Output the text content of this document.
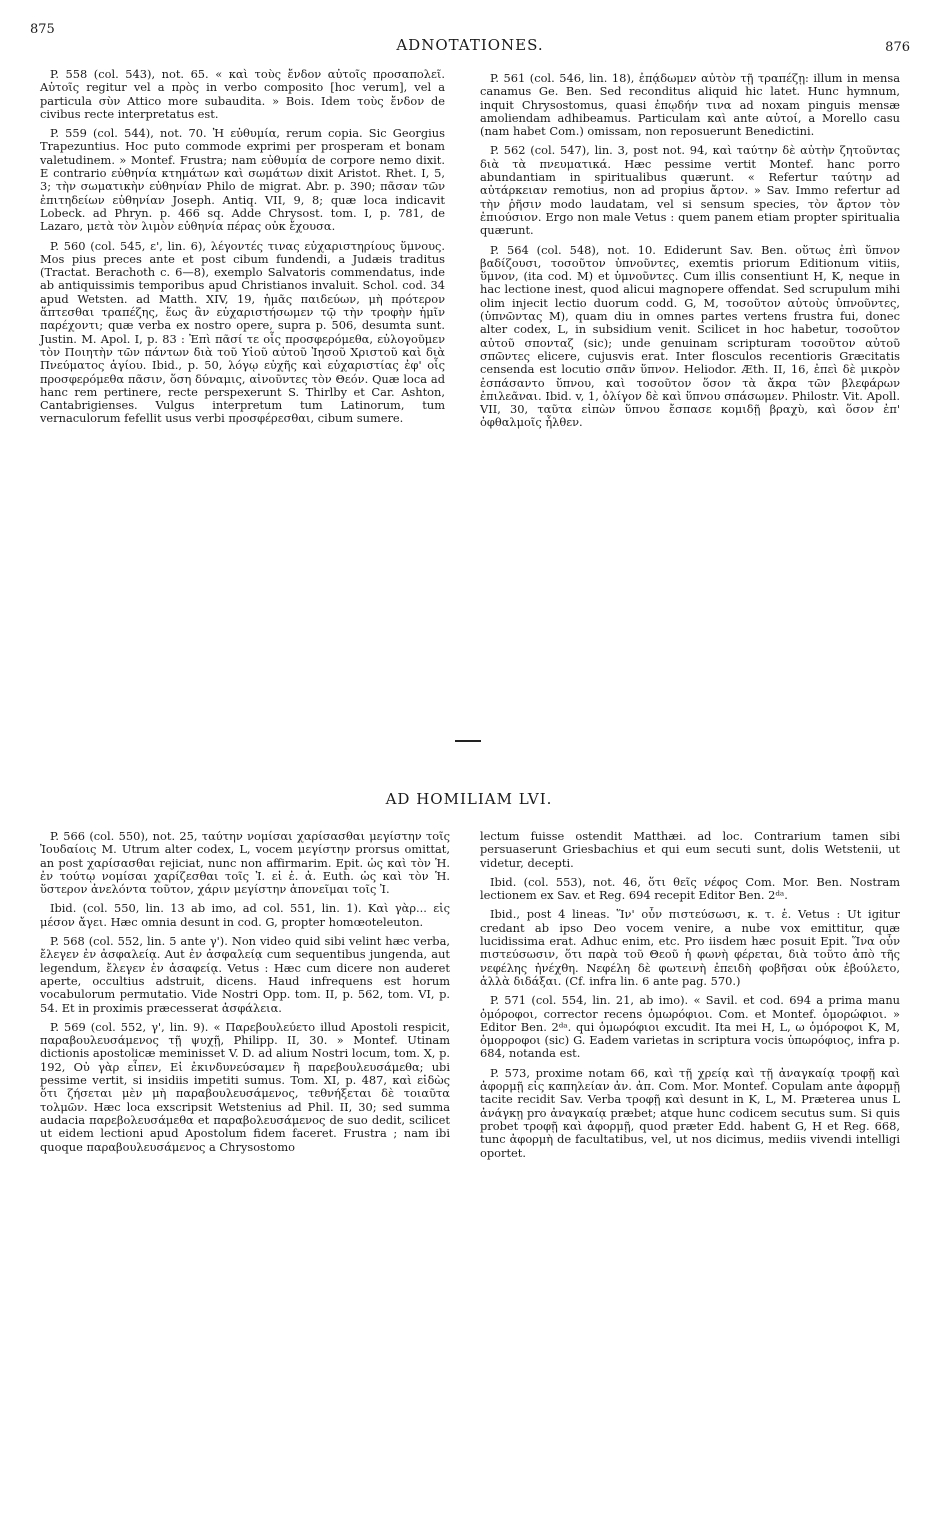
875
ADNOTATIONES.	876

P. 558 (col. 543), not. 65. « καὶ τοὺς ἔνδον αὐτοῖς προσαπολεῖ. Αὐτοῖς regitur vel a πρὸς in verbo composito [hoc verum], vel a particula σὺν Attico more subaudita. » Bois. Idem τοὺς ἔνδον de civibus recte interpretatus est.

P. 559 (col. 544), not. 70. Ἡ εὐθυμία, rerum copia. Sic Georgius Trapezuntius. Hoc puto commode exprimi per prosperam et bonam valetudinem. » Montef. Frustra; nam εὐθυμία de corpore nemo dixit. E contrario εὐθηνία κτημάτων καὶ σωμάτων dixit Aristot. Rhet. I, 5, 3; τὴν σωματικὴν εὐθηνίαν Philo de migrat. Abr. p. 390; πᾶσαν τῶν ἐπιτηδείων εὐθηνίαν Joseph. Antiq. VII, 9, 8; quæ loca indicavit Lobeck. ad Phryn. p. 466 sq. Adde Chrysost. tom. I, p. 781, de Lazaro, μετὰ τὸν λιμὸν εὐθηνία πέρας οὐκ ἔχουσα.

P. 560 (col. 545, ε', lin. 6), λέγοντές τινας εὐχαριστηρίους ὕμνους. Mos pius preces ante et post cibum fundendi, a Judæis traditus (Tractat. Berachoth c. 6—8), exemplo Salvatoris commendatus, inde ab antiquissimis temporibus apud Christianos invaluit. Schol. cod. 34 apud Wetsten. ad Matth. XIV, 19, ἡμᾶς παιδεύων, μὴ πρότερον ἅπτεσθαι τραπέζης, ἕως ἂν εὐχαριστήσωμεν τῷ τὴν τροφὴν ἡμῖν παρέχοντι; quæ verba ex nostro opere, supra p. 506, desumta sunt. Justin. M. Apol. I, p. 83 : Ἐπὶ πᾶσί τε οἷς προσφερόμεθα, εὐλογοῦμεν τὸν Ποιητὴν τῶν πάντων διὰ τοῦ Υἱοῦ αὐτοῦ Ἰησοῦ Χριστοῦ καὶ διὰ Πνεύματος ἁγίου. Ibid., p. 50, λόγῳ εὐχῆς καὶ εὐχαριστίας ἐφ' οἷς προσφερόμεθα πᾶσιν, ὅση δύναμις, αἰνοῦντες τὸν Θεόν. Quæ loca ad hanc rem pertinere, recte perspexerunt S. Thirlby et Car. Ashton, Cantabrigienses. Vulgus interpretum tum Latinorum, tum vernaculorum fefellit usus verbi προσφέρεσθαι, cibum sumere.

P. 561 (col. 546, lin. 18), ἐπᾴδωμεν αὐτὸν τῇ τραπέζῃ: illum in mensa canamus Ge. Ben. Sed reconditus aliquid hic latet. Hunc hymnum, inquit Chrysostomus, quasi ἐπῳδήν τινα ad noxam pinguis mensæ amoliendam adhibeamus. Particulam καὶ ante αὐτοί, a Morello casu (nam habet Com.) omissam, non reposuerunt Benedictini.

P. 562 (col. 547), lin. 3, post not. 94, καὶ ταύτην δὲ αὐτὴν ζητοῦντας διὰ τὰ πνευματικά. Hæc pessime vertit Montef. hanc porro abundantiam in spiritualibus quærunt. « Refertur ταύτην ad αὐτάρκειαν remotius, non ad propius ἄρτον. » Sav. Immo refertur ad τὴν ῥῆσιν modo laudatam, vel si sensum species, τὸν ἄρτον τὸν ἐπιούσιον. Ergo non male Vetus : quem panem etiam propter spiritualia quærunt.

P. 564 (col. 548), not. 10. Ediderunt Sav. Ben. οὕτως ἐπὶ ὕπνον βαδίζουσι, τοσοῦτον ὑπνοῦντες, exemtis priorum Editionum vitiis, ὕμνον, (ita cod. M) et ὑμνοῦντες. Cum illis consentiunt H, K, neque in hac lectione inest, quod alicui magnopere offendat. Sed scrupulum mihi olim injecit lectio duorum codd. G, M, τοσοῦτον αὐτοὺς ὑπνοῦντες, (ὑπνῶντας M), quam diu in omnes partes vertens frustra fui, donec alter codex, L, in subsidium venit. Scilicet in hoc habetur, τοσοῦτον αὐτοῦ σπονταζ (sic); unde genuinam scripturam τοσοῦτον αὐτοῦ σπῶντες elicere, cujusvis erat. Inter flosculos recentioris Græcitatis censenda est locutio σπᾶν ὕπνον. Heliodor. Æth. II, 16, ἐπεὶ δὲ μικρὸν ἐσπάσαντο ὕπνου, καὶ τοσοῦτον ὅσον τὰ ἄκρα τῶν βλεφάρων ἐπιλεᾶναι. Ibid. v, 1, ὀλίγον δὲ καὶ ὕπνου σπάσωμεν. Philostr. Vit. Apoll. VII, 30, ταῦτα εἰπὼν ὕπνου ἔσπασε κομιδῇ βραχὺ, καὶ ὅσον ἐπ' ὀφθαλμοῖς ἦλθεν.

AD HOMILIAM LVI.

P. 566 (col. 550), not. 25, ταύτην νομίσαι χαρίσασθαι μεγίστην τοῖς Ἰουδαίοις M. Utrum alter codex, L, vocem μεγίστην prorsus omittat, an post χαρίσασθαι rejiciat, nunc non affirmarim. Epit. ὡς καὶ τὸν Ἡ. ἐν τούτῳ νομίσαι χαρίζεσθαι τοῖς Ἰ. εἰ ἐ. ἀ. Euth. ὡς καὶ τὸν Ἡ. ὕστερον ἀνελόντα τοῦτον, χάριν μεγίστην ἀπονεῖμαι τοῖς Ἰ.

Ibid. (col. 550, lin. 13 ab imo, ad col. 551, lin. 1). Καὶ γὰρ... εἰς μέσον ἄγει. Hæc omnia desunt in cod. G, propter homœoteleuton.

P. 568 (col. 552, lin. 5 ante γ'). Non video quid sibi velint hæc verba, ἔλεγεν ἐν ἀσφαλείᾳ. Aut ἐν ἀσφαλείᾳ cum sequentibus jungenda, aut legendum, ἔλεγεν ἐν ἀσαφείᾳ. Vetus : Hæc cum dicere non auderet aperte, occultius adstruit, dicens. Haud infrequens est horum vocabulorum permutatio. Vide Nostri Opp. tom. II, p. 562, tom. VI, p. 54. Et in proximis præcesserat ἀσφάλεια.

P. 569 (col. 552, γ', lin. 9). « Παρεβουλεύετο illud Apostoli respicit, παραβουλευσάμενος τῇ ψυχῇ, Philipp. II, 30. » Montef. Utinam dictionis apostolicæ meminisset V. D. ad alium Nostri locum, tom. X, p. 192, Οὐ γὰρ εἶπεν, Εἰ ἐκινδυνεύσαμεν ἢ παρεβουλευσάμεθα; ubi pessime vertit, si insidiis impetiti sumus. Tom. XI, p. 487, καὶ εἰδὼς ὅτι ζήσεται μὲν μὴ παραβουλευσάμενος, τεθνήξεται δὲ τοιαῦτα τολμῶν. Hæc loca exscripsit Wetstenius ad Phil. II, 30; sed summa audacia παρεβολευσάμεθα et παραβολευσάμενος de suo dedit, scilicet ut eidem lectioni apud Apostolum fidem faceret. Frustra ; nam ibi quoque παραβουλευσάμενος a Chrysostomo

lectum fuisse ostendit Matthæi. ad loc. Contrarium tamen sibi persuaserunt Griesbachius et qui eum secuti sunt, dolis Wetstenii, ut videtur, decepti.

Ibid. (col. 553), not. 46, ὅτι θεῖς νέφος Com. Mor. Ben. Nostram lectionem ex Sav. et Reg. 694 recepit Editor Ben. 2ᵈᵃ.

Ibid., post 4 lineas. Ἵν' οὖν πιστεύσωσι, κ. τ. ἑ. Vetus : Ut igitur credant ab ipso Deo vocem venire, a nube vox emittitur, quæ lucidissima erat. Adhuc enim, etc. Pro iisdem hæc posuit Epit. Ἵνα οὖν πιστεύσωσιν, ὅτι παρὰ τοῦ Θεοῦ ἡ φωνὴ φέρεται, διὰ τοῦτο ἀπὸ τῆς νεφέλης ἠνέχθη. Νεφέλη δὲ φωτεινὴ ἐπειδὴ φοβῆσαι οὐκ ἐβούλετο, ἀλλὰ διδάξαι. (Cf. infra lin. 6 ante pag. 570.)

P. 571 (col. 554, lin. 21, ab imo). « Savil. et cod. 694 a prima manu ὀμόροφοι, corrector recens ὁμωρόφιοι. Com. et Montef. ὁμορώφιοι. » Editor Ben. 2ᵈᵃ. qui ὁμωρόφιοι excudit. Ita mei H, L, ω ὁμόροφοι K, M, ὁμορροφοι (sic) G. Eadem varietas in scriptura vocis ὑπωρόφιος, infra p. 684, notanda est.

P. 573, proxime notam 66, καὶ τῇ χρείᾳ καὶ τῇ ἀναγκαίᾳ τροφῇ καὶ ἀφορμῇ εἰς καπηλείαν ἀν. ἀπ. Com. Mor. Montef. Copulam ante ἀφορμῇ tacite recidit Sav. Verba τροφῇ καὶ desunt in K, L, M. Præterea unus L ἀνάγκῃ pro ἀναγκαίᾳ præbet; atque hunc codicem secutus sum. Si quis probet τροφῇ καὶ ἀφορμῇ, quod præter Edd. habent G, H et Reg. 668, tunc ἀφορμὴ de facultatibus, vel, ut nos dicimus, mediis vivendi intelligi oportet.
